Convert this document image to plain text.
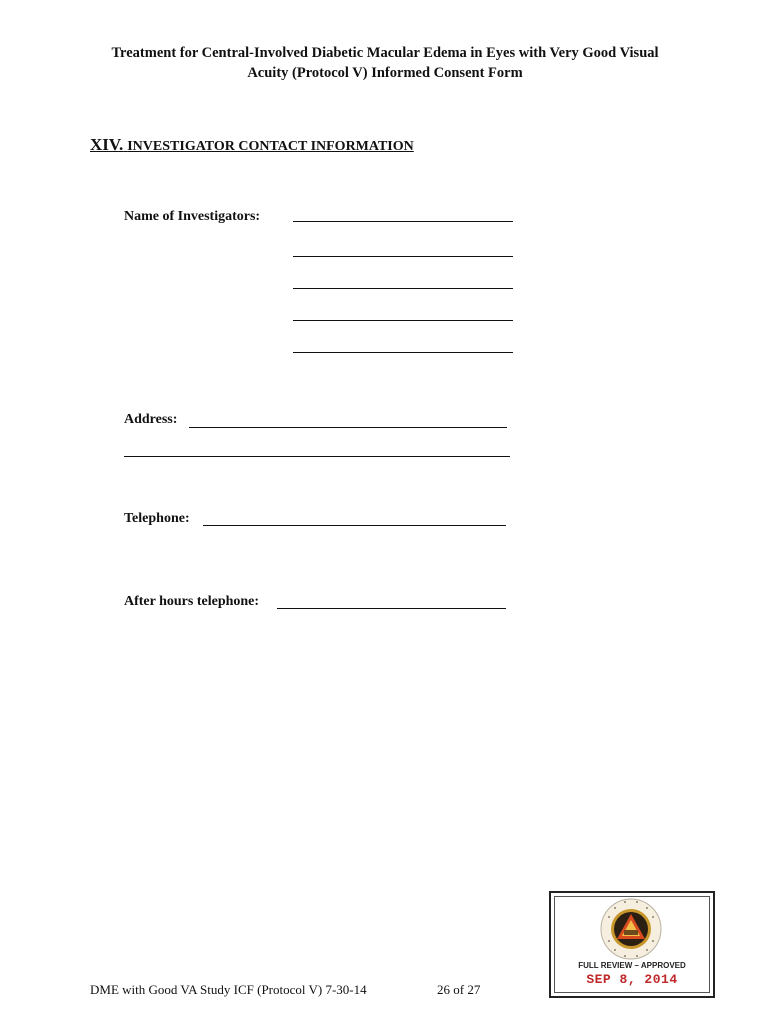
Treatment for Central-Involved Diabetic Macular Edema in Eyes with Very Good Visual
Acuity (Protocol V) Informed Consent Form
XIV. INVESTIGATOR CONTACT INFORMATION
Name of Investigators:
Address:
Telephone:
After hours telephone:
DME with Good VA Study ICF (Protocol V) 7-30-14	26 of 27
FULL REVIEW – APPROVED
SEP 8, 2014
